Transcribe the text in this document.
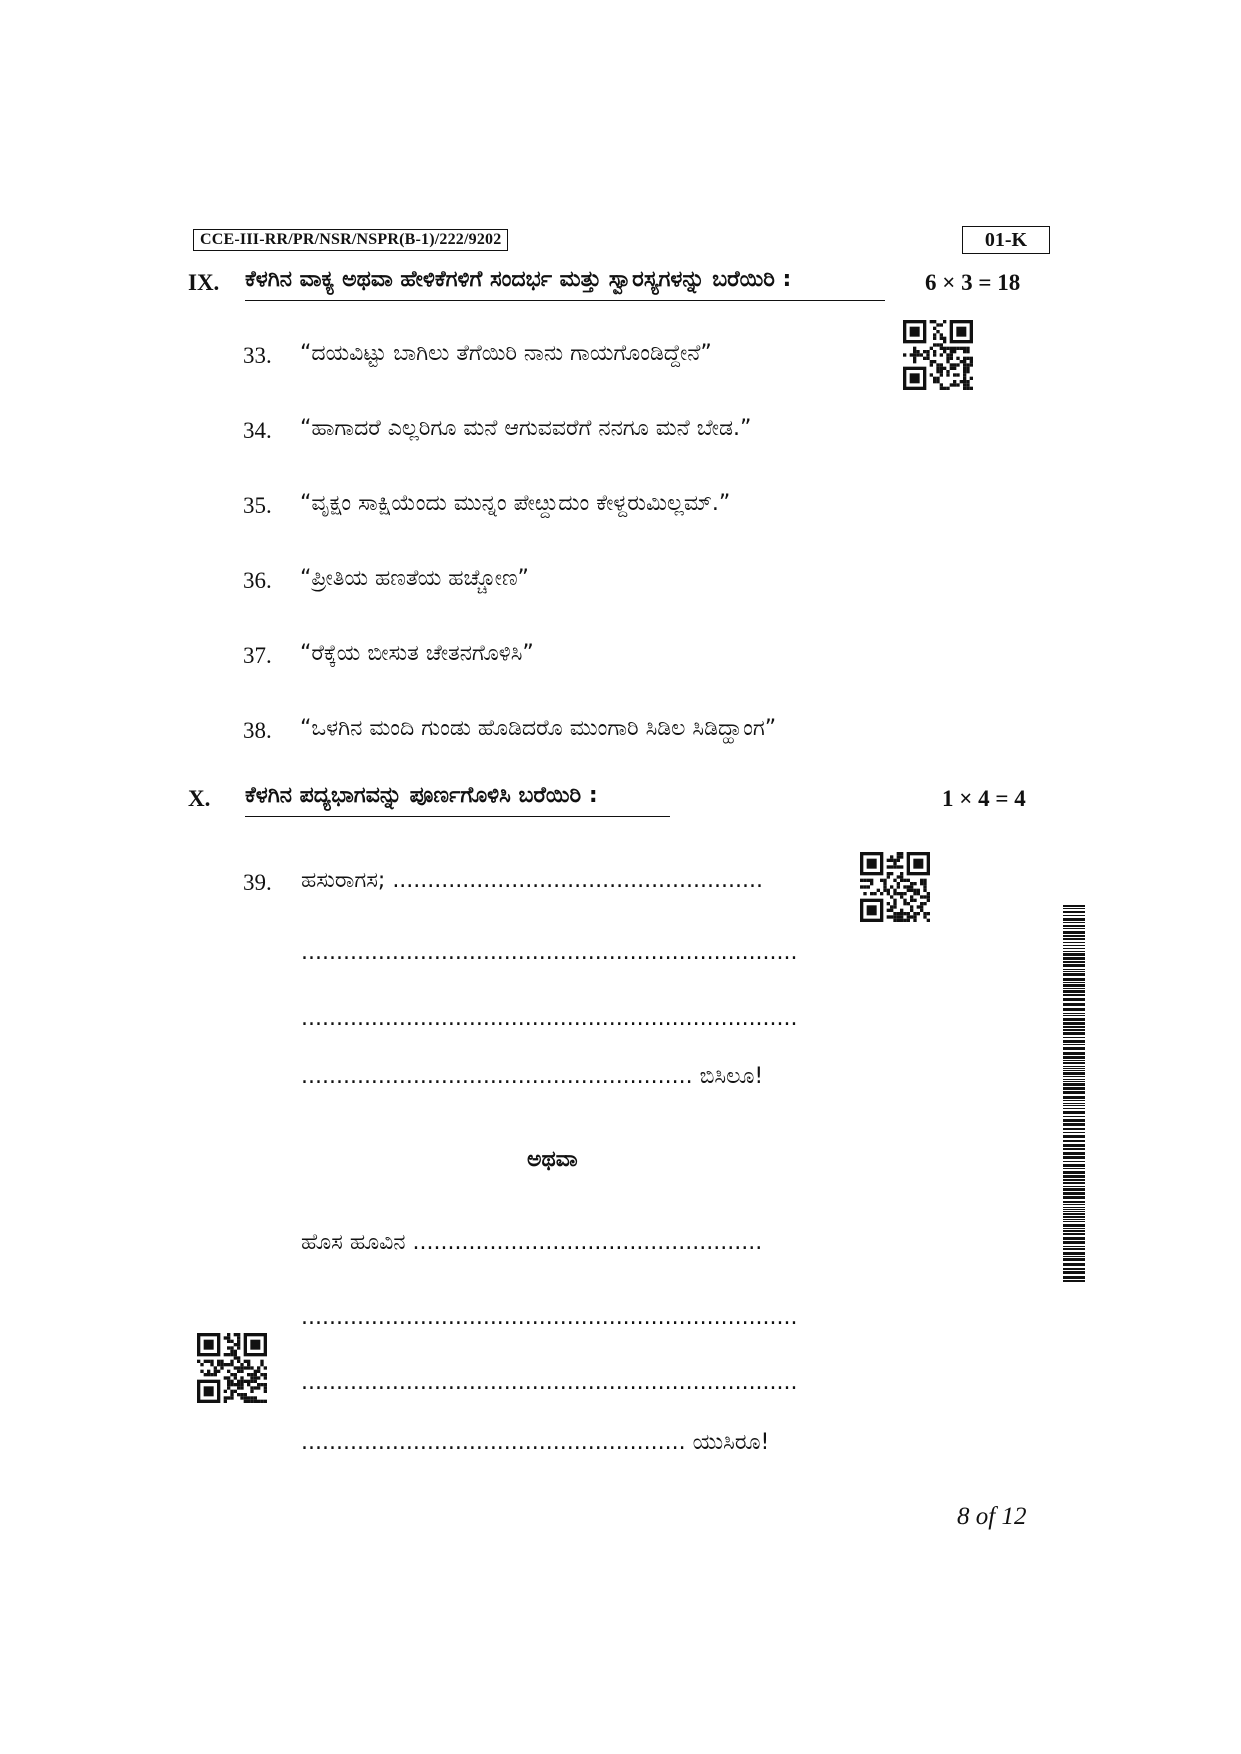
CCE-III-RR/PR/NSR/NSPR(B-1)/222/9202	01-K
IX. ಕೆಳಗಿನ ವಾಕ್ಯ ಅಥವಾ ಹೇಳಿಕೆಗಳಿಗೆ ಸಂದರ್ಭ ಮತ್ತು ಸ್ವಾರಸ್ಯಗಳನ್ನು ಬರೆಯಿರಿ :	6 × 3 = 18
33. “ದಯವಿಟ್ಟು ಬಾಗಿಲು ತೆಗೆಯಿರಿ ನಾನು ಗಾಯಗೊಂಡಿದ್ದೇನೆ”
34. “ಹಾಗಾದರೆ ಎಲ್ಲರಿಗೂ ಮನೆ ಆಗುವವರೆಗೆ ನನಗೂ ಮನೆ ಬೇಡ.”
35. “ವೃಕ್ಷಂ ಸಾಕ್ಷಿಯೆಂದು ಮುನ್ನಂ ಪೇೞ್ದುದುಂ ಕೇಳ್ದರುಮಿಲ್ಲಮ್.”
36. “ಪ್ರೀತಿಯ ಹಣತೆಯ ಹಚ್ಚೋಣ”
37. “ರೆಕ್ಕೆಯ ಬೀಸುತ ಚೇತನಗೊಳಿಸಿ”
38. “ಒಳಗಿನ ಮಂದಿ ಗುಂಡು ಹೊಡಿದರೊ ಮುಂಗಾರಿ ಸಿಡಿಲ ಸಿಡಿದ್ಹಾಂಗ”
X. ಕೆಳಗಿನ ಪದ್ಯಭಾಗವನ್ನು ಪೂರ್ಣಗೊಳಿಸಿ ಬರೆಯಿರಿ :	1 × 4 = 4
39. ಹಸುರಾಗಸ; .....................................................
.......................................................................
.......................................................................
........................................................ ಬಿಸಿಲೂ!
ಅಥವಾ
ಹೊಸ ಹೂವಿನ ..................................................
.......................................................................
.......................................................................
....................................................... ಯುಸಿರೂ!
8 of 12
